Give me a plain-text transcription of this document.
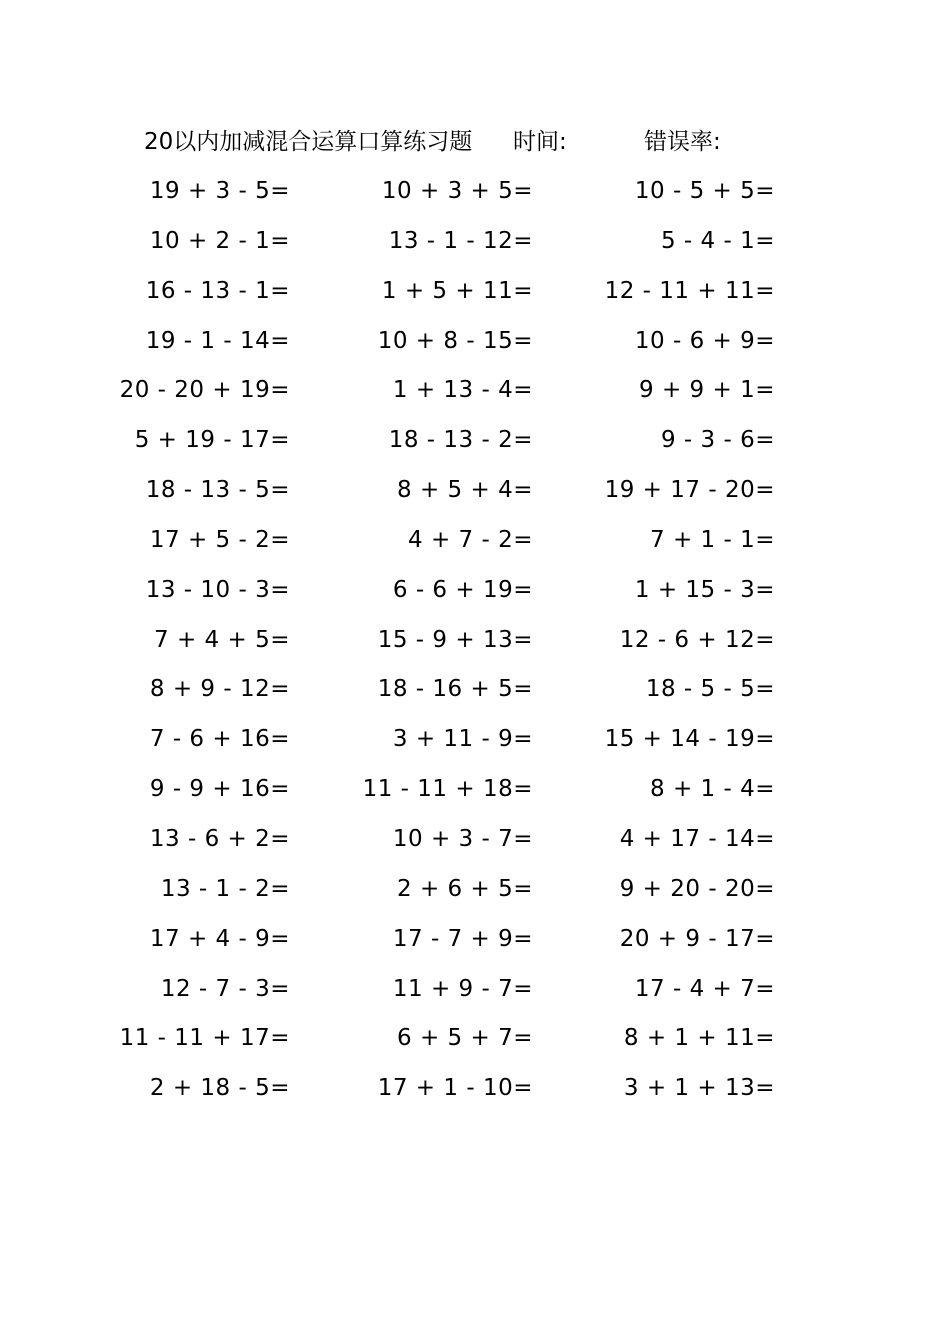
20以内加减混合运算口算练习题 时间:	错误率:
19 + 3 - 5=	10 + 3 + 5=	10 - 5 + 5=
10 + 2 - 1=	13 - 1 - 12=	5 - 4 - 1=
16 - 13 - 1=	1 + 5 + 11=	12 - 11 + 11=
19 - 1 - 14=	10 + 8 - 15=	10 - 6 + 9=
20 - 20 + 19=	1 + 13 - 4=	9 + 9 + 1=
5 + 19 - 17=	18 - 13 - 2=	9 - 3 - 6=
18 - 13 - 5=	8 + 5 + 4=	19 + 17 - 20=
17 + 5 - 2=	4 + 7 - 2=	7 + 1 - 1=
13 - 10 - 3=	6 - 6 + 19=	1 + 15 - 3=
7 + 4 + 5=	15 - 9 + 13=	12 - 6 + 12=
8 + 9 - 12=	18 - 16 + 5=	18 - 5 - 5=
7 - 6 + 16=	3 + 11 - 9=	15 + 14 - 19=
9 - 9 + 16=	11 - 11 + 18=	8 + 1 - 4=
13 - 6 + 2=	10 + 3 - 7=	4 + 17 - 14=
13 - 1 - 2=	2 + 6 + 5=	9 + 20 - 20=
17 + 4 - 9=	17 - 7 + 9=	20 + 9 - 17=
12 - 7 - 3=	11 + 9 - 7=	17 - 4 + 7=
11 - 11 + 17=	6 + 5 + 7=	8 + 1 + 11=
2 + 18 - 5=	17 + 1 - 10=	3 + 1 + 13=
